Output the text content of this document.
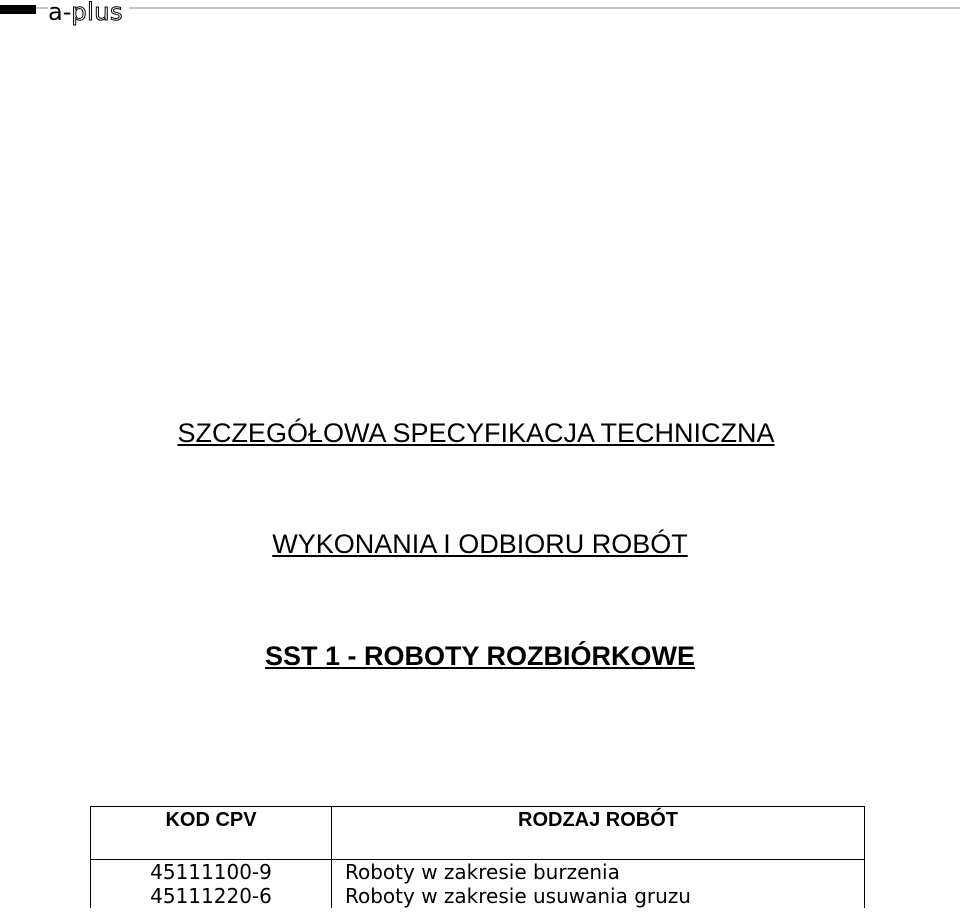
a-plus
SZCZEGÓŁOWA SPECYFIKACJA TECHNICZNA
WYKONANIA I ODBIORU ROBÓT
SST 1 - ROBOTY ROZBIÓRKOWE
KOD CPV	RODZAJ ROBÓT
45111100-9	Roboty w zakresie burzenia
45111220-6	Roboty w zakresie usuwania gruzu
